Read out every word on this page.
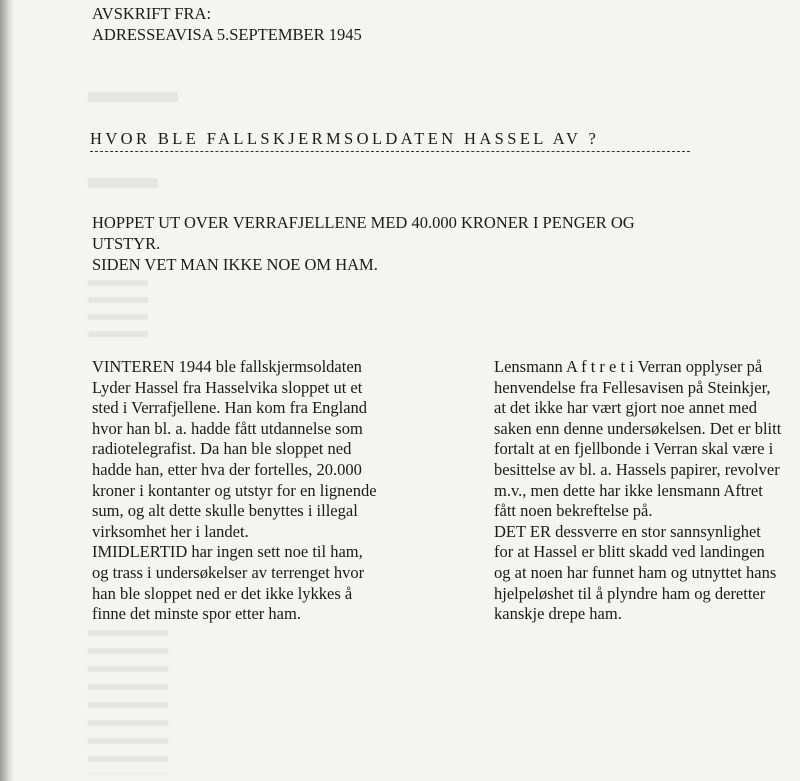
AVSKRIFT FRA:
ADRESSEAVISA 5.SEPTEMBER 1945
HVOR BLE FALLSKJERMSOLDATEN HASSEL AV ?
HOPPET UT OVER VERRAFJELLENE MED 40.000 KRONER I PENGER OG
UTSTYR.
SIDEN VET MAN IKKE NOE OM HAM.
VINTEREN 1944 ble fallskjermsoldaten
Lyder Hassel fra Hasselvika sloppet ut et
sted i Verrafjellene. Han kom fra England
hvor han bl. a. hadde fått utdannelse som
radiotelegrafist. Da han ble sloppet ned
hadde han, etter hva der fortelles, 20.000
kroner i kontanter og utstyr for en lignende
sum, og alt dette skulle benyttes i illegal
virksomhet her i landet.
IMIDLERTID har ingen sett noe til ham,
og trass i undersøkelser av terrenget hvor
han ble sloppet ned er det ikke lykkes å
finne det minste spor etter ham.
Lensmann A f t r e t i Verran opplyser på
henvendelse fra Fellesavisen på Steinkjer,
at det ikke har vært gjort noe annet med
saken enn denne undersøkelsen. Det er blitt
fortalt at en fjellbonde i Verran skal være i
besittelse av bl. a. Hassels papirer, revolver
m.v., men dette har ikke lensmann Aftret
fått noen bekreftelse på.
DET ER dessverre en stor sannsynlighet
for at Hassel er blitt skadd ved landingen
og at noen har funnet ham og utnyttet hans
hjelpeløshet til å plyndre ham og deretter
kanskje drepe ham.
